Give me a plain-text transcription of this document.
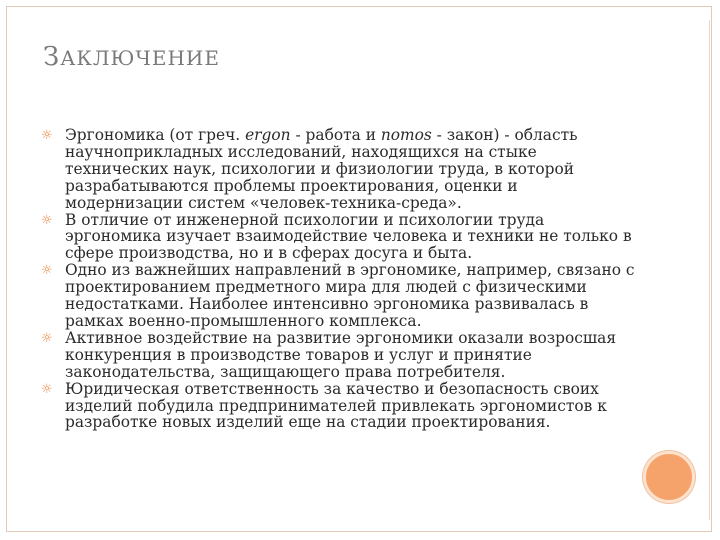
ЗАКЛЮЧЕНИЕ
☼ Эргономика (от греч. ergon - работа и nomos - закон) - область научноприкладных исследований, находящихся на стыке технических наук, психологии и физиологии труда, в которой разрабатываются проблемы проектирования, оценки и модернизации систем «человек-техника-среда».
☼ В отличие от инженерной психологии и психологии труда эргономика изучает взаимодействие человека и техники не только в сфере производства, но и в сферах досуга и быта.
☼ Одно из важнейших направлений в эргономике, например, связано с проектированием предметного мира для людей с физическими недостатками. Наиболее интенсивно эргономика развивалась в рамках военно-промышленного комплекса.
☼ Активное воздействие на развитие эргономики оказали возросшая конкуренция в производстве товаров и услуг и принятие законодательства, защищающего права потребителя.
☼ Юридическая ответственность за качество и безопасность своих изделий побудила предпринимателей привлекать эргономистов к разработке новых изделий еще на стадии проектирования.
